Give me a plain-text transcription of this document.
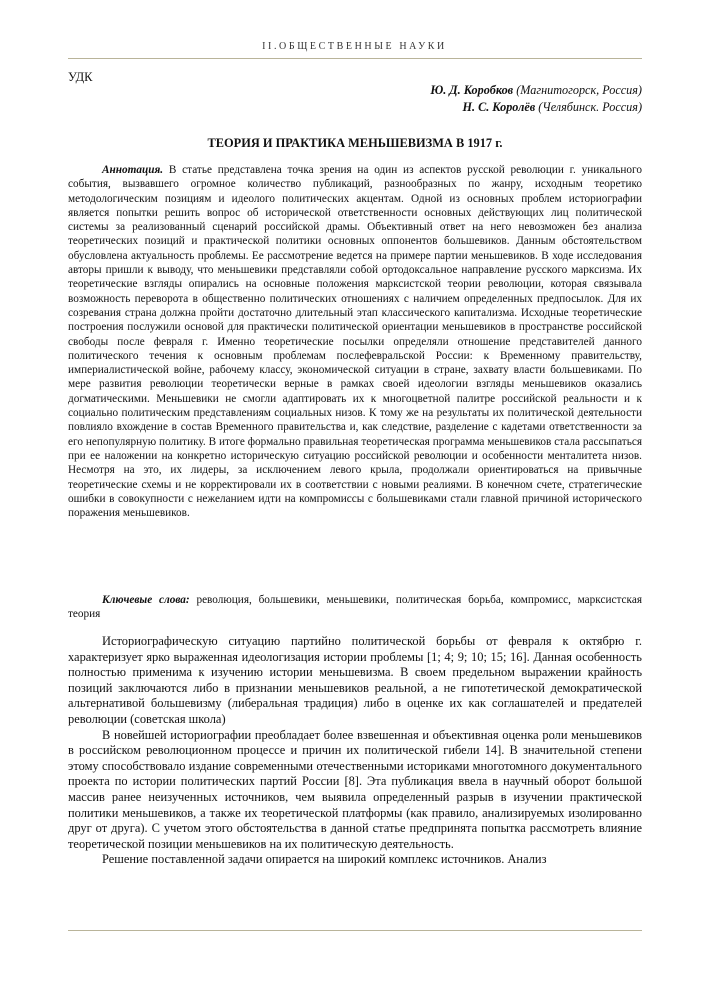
II.ОБЩЕСТВЕННЫЕ НАУКИ
УДК
Ю. Д. Коробков (Магнитогорск, Россия)
Н. С. Королёв (Челябинск. Россия)
ТЕОРИЯ И ПРАКТИКА МЕНЬШЕВИЗМА В 1917 г.

Аннотация. В статье представлена точка зрения на один из аспектов русской революции г. уникального события, вызвавшего огромное количество публикаций, разнообразных по жанру, исходным теоретико методологическим позициям и идеолого политических акцентам. Одной из основных проблем историографии является попытки решить вопрос об исторической ответственности основных действующих лиц политической системы за реализованный сценарий российской драмы. Объективный ответ на него невозможен без анализа теоретических позиций и практической политики основных оппонентов большевиков. Данным обстоятельством обусловлена актуальность проблемы. Ее рассмотрение ведется на примере партии меньшевиков. В ходе исследования авторы пришли к выводу, что меньшевики представляли собой ортодоксальное направление русского марксизма. Их теоретические взгляды опирались на основные положения марксистской теории революции, которая связывала возможность переворота в общественно политических отношениях с наличием определенных предпосылок. Для их созревания страна должна пройти достаточно длительный этап классического капитализма. Исходные теоретические построения послужили основой для практически политической ориентации меньшевиков в пространстве российской свободы после февраля г. Именно теоретические посылки определяли отношение представителей данного политического течения к основным проблемам послефевральской России: к Временному правительству, империалистической войне, рабочему классу, экономической ситуации в стране, захвату власти большевиками. По мере развития революции теоретически верные в рамках своей идеологии взгляды меньшевиков оказались догматическими. Меньшевики не смогли адаптировать их к многоцветной палитре российской реальности и к социально политическим представлениям социальных низов. К тому же на результаты их политической деятельности повлияло вхождение в состав Временного правительства и, как следствие, разделение с кадетами ответственности за его непопулярную политику. В итоге формально правильная теоретическая программа меньшевиков стала рассыпаться при ее наложении на конкретно историческую ситуацию российской революции и особенности менталитета низов. Несмотря на это, их лидеры, за исключением левого крыла, продолжали ориентироваться на привычные теоретические схемы и не корректировали их в соответствии с новыми реалиями. В конечном счете, стратегические ошибки в совокупности с нежеланием идти на компромиссы с большевиками стали главной причиной исторического поражения меньшевиков.

Ключевые слова: революция, большевики, меньшевики, политическая борьба, компромисс, марксистская теория

Историографическую ситуацию партийно политической борьбы от февраля к октябрю г. характеризует ярко выраженная идеологизация истории проблемы [1; 4; 9; 10; 15; 16]. Данная особенность полностью применима к изучению истории меньшевизма. В своем предельном выражении крайность позиций заключаются либо в признании меньшевиков реальной, а не гипотетической демократической альтернативой большевизму (либеральная традиция) либо в оценке их как соглашателей и предателей революции (советская школа)

В новейшей историографии преобладает более взвешенная и объективная оценка роли меньшевиков в российском революционном процессе и причин их политической гибели 14]. В значительной степени этому способствовало издание современными отечественными историками многотомного документального проекта по истории политических партий России [8]. Эта публикация ввела в научный оборот большой массив ранее неизученных источников, чем выявила определенный разрыв в изучении практической политики меньшевиков, а также их теоретической платформы (как правило, анализируемых изолированно друг от друга). С учетом этого обстоятельства в данной статье предпринята попытка рассмотреть влияние теоретической позиции меньшевиков на их политическую деятельность.

Решение поставленной задачи опирается на широкий комплекс источников. Анализ
